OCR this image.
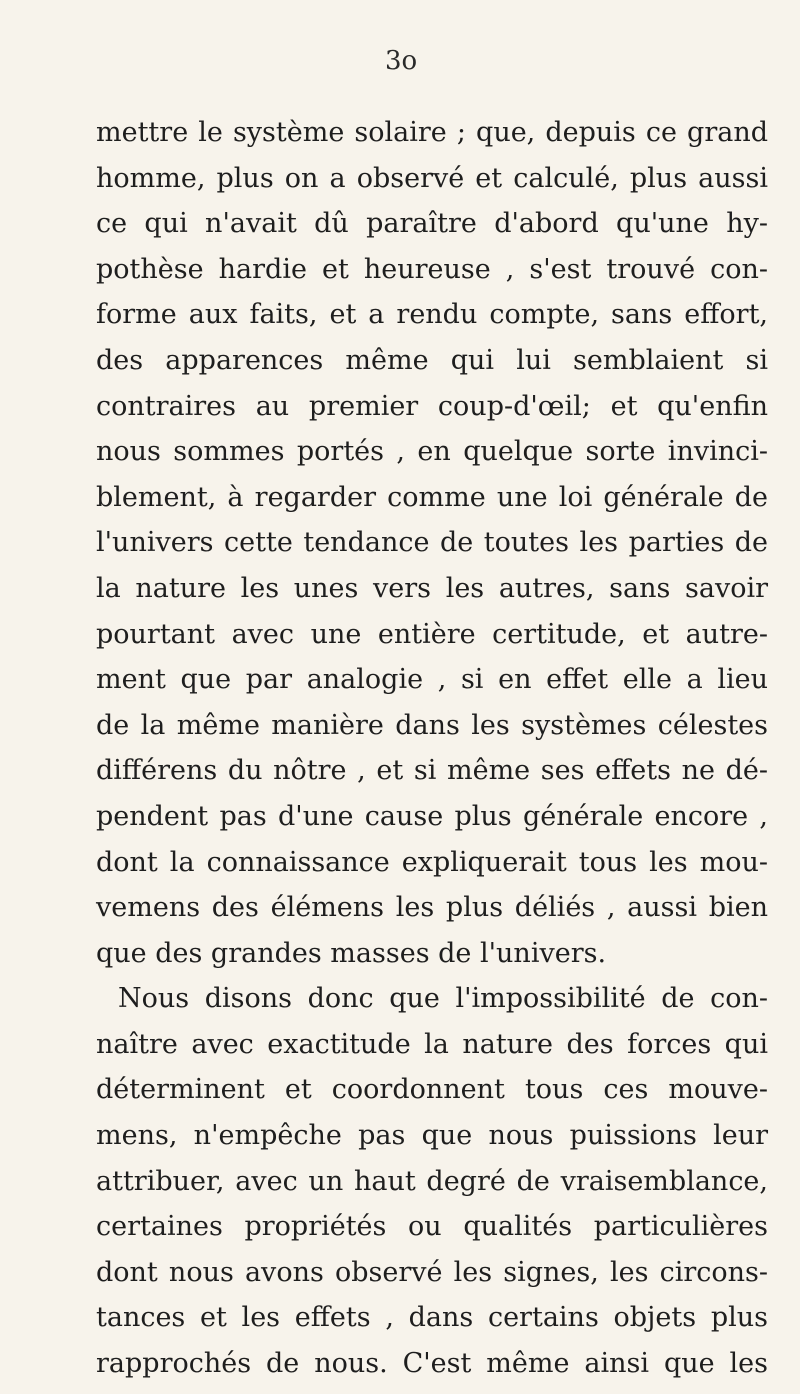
3o
mettre le système solaire ; que, depuis ce grand
homme, plus on a observé et calculé, plus aussi
ce qui n'avait dû paraître d'abord qu'une hy-
pothèse hardie et heureuse , s'est trouvé con-
forme aux faits, et a rendu compte, sans effort,
des apparences même qui lui semblaient si
contraires au premier coup-d'œil; et qu'enfin
nous sommes portés , en quelque sorte invinci-
blement, à regarder comme une loi générale de
l'univers cette tendance de toutes les parties de
la nature les unes vers les autres, sans savoir
pourtant avec une entière certitude, et autre-
ment que par analogie , si en effet elle a lieu
de la même manière dans les systèmes célestes
différens du nôtre , et si même ses effets ne dé-
pendent pas d'une cause plus générale encore ,
dont la connaissance expliquerait tous les mou-
vemens des élémens les plus déliés , aussi bien
que des grandes masses de l'univers.
Nous disons donc que l'impossibilité de con-
naître avec exactitude la nature des forces qui
déterminent et coordonnent tous ces mouve-
mens, n'empêche pas que nous puissions leur
attribuer, avec un haut degré de vraisemblance,
certaines propriétés ou qualités particulières
dont nous avons observé les signes, les circons-
tances et les effets , dans certains objets plus
rapprochés de nous. C'est même ainsi que les
